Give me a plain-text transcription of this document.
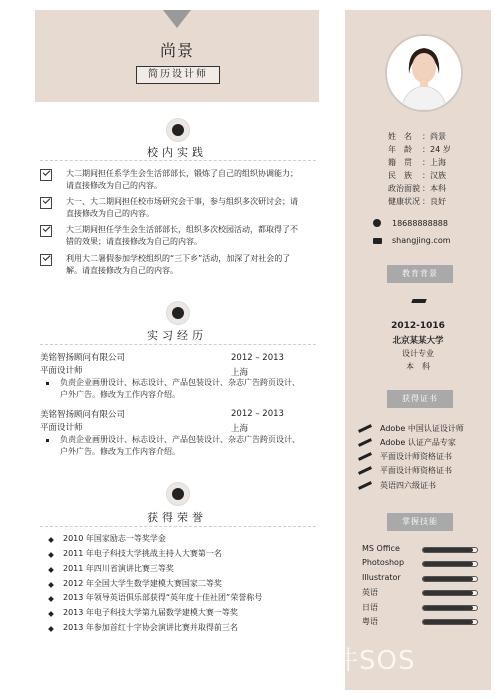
尚景
简历设计师
校内实践
大二期间担任系学生会生活部部长，锻炼了自己的组织协调能力；
请直接修改为自己的内容。
大一、大二期间担任校市场研究会干事，参与组织多次研讨会；请
直接修改为自己的内容。
大三期间担任学生会生活部部长，组织多次校园活动，都取得了不
错的效果；请直接修改为自己的内容。
利用大二暑假参加学校组织的“三下乡”活动，加深了对社会的了
解。请直接修改为自己的内容。
实习经历
美铭智扬顾问有限公司	2012 – 2013
平面设计师	上海
负责企业画册设计、标志设计、产品包装设计、杂志广告跨页设计、
户外广告。修改为工作内容介绍。
美铭智扬顾问有限公司	2012 – 2013
平面设计师	上海
负责企业画册设计、标志设计、产品包装设计、杂志广告跨页设计、
户外广告。修改为工作内容介绍。
获得荣誉
2010 年国家励志一等奖学金
2011 年电子科技大学挑战主持人大赛第一名
2011 年四川省演讲比赛三等奖
2012 年全国大学生数学建模大赛国家二等奖
2013 年领导英语俱乐部获得“英年度十佳社团”荣誉称号
2013 年电子科技大学第九届数学建模大赛一等奖
2013 年参加首红十字协会演讲比赛并取得前三名
姓　名 ：尚景
年　龄 ：24 岁
籍　贯 ：上海
民　族 ：汉族
政治面貌 ：本科
健康状况 ：良好
18688888888
shangjing.com
教育背景
2012-1016
北京某某大学
设计专业
本　科
获得证书
Adobe 中国认证设计师
Adobe 认证产品专家
平面设计师资格证书
平面设计师资格证书
英语四六级证书
掌握技能
MS Office
Photoshop
Illustrator
英语
日语
粤语
软件SOS
